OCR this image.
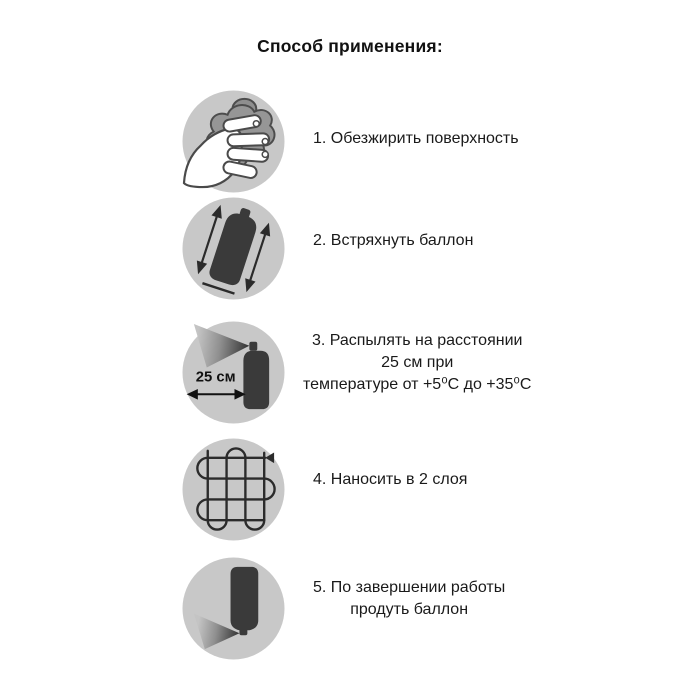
Способ применения:
25 см
1. Обезжирить поверхность
2. Встряхнуть баллон
3. Распылять на расстоянии
25 см при
температуре от +5⁰С до +35⁰С
4. Наносить в 2 слоя
5. По завершении работы
продуть баллон
